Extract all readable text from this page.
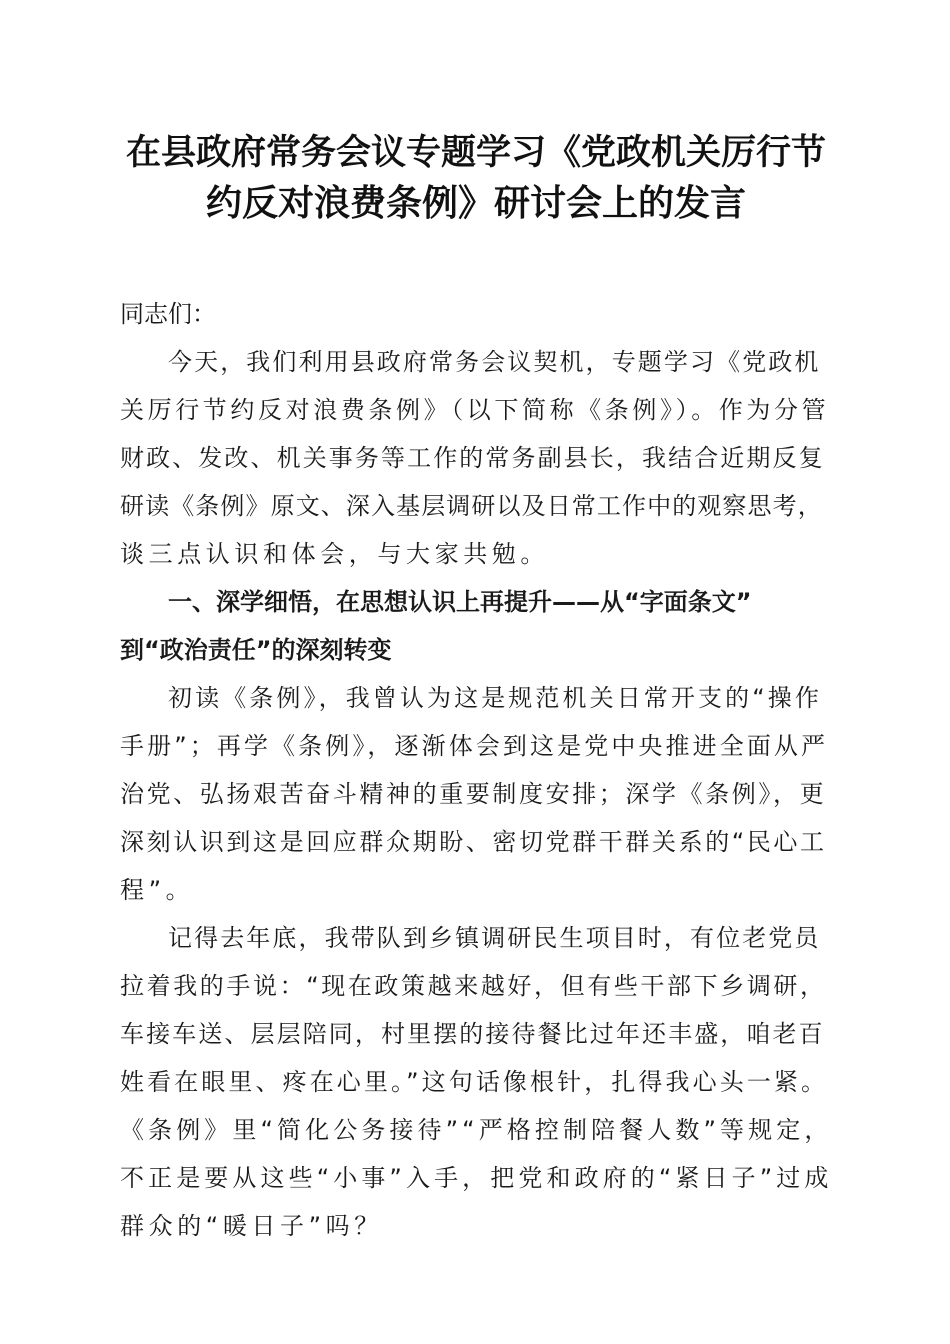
在县政府常务会议专题学习《党政机关厉行节
约反对浪费条例》研讨会上的发言
同志们：
今天，我们利用县政府常务会议契机，专题学习《党政机
关厉行节约反对浪费条例》（以下简称《条例》）。作为分管
财政、发改、机关事务等工作的常务副县长，我结合近期反复
研读《条例》原文、深入基层调研以及日常工作中的观察思考，
谈三点认识和体会，与大家共勉。
一、深学细悟，在思想认识上再提升——从“字面条文”
到“政治责任”的深刻转变
初读《条例》，我曾认为这是规范机关日常开支的“操作
手册”；再学《条例》，逐渐体会到这是党中央推进全面从严
治党、弘扬艰苦奋斗精神的重要制度安排；深学《条例》，更
深刻认识到这是回应群众期盼、密切党群干群关系的“民心工
程”。
记得去年底，我带队到乡镇调研民生项目时，有位老党员
拉着我的手说：“现在政策越来越好，但有些干部下乡调研，
车接车送、层层陪同，村里摆的接待餐比过年还丰盛，咱老百
姓看在眼里、疼在心里。”这句话像根针，扎得我心头一紧。
《条例》里“简化公务接待”“严格控制陪餐人数”等规定，
不正是要从这些“小事”入手，把党和政府的“紧日子”过成
群众的“暖日子”吗？
